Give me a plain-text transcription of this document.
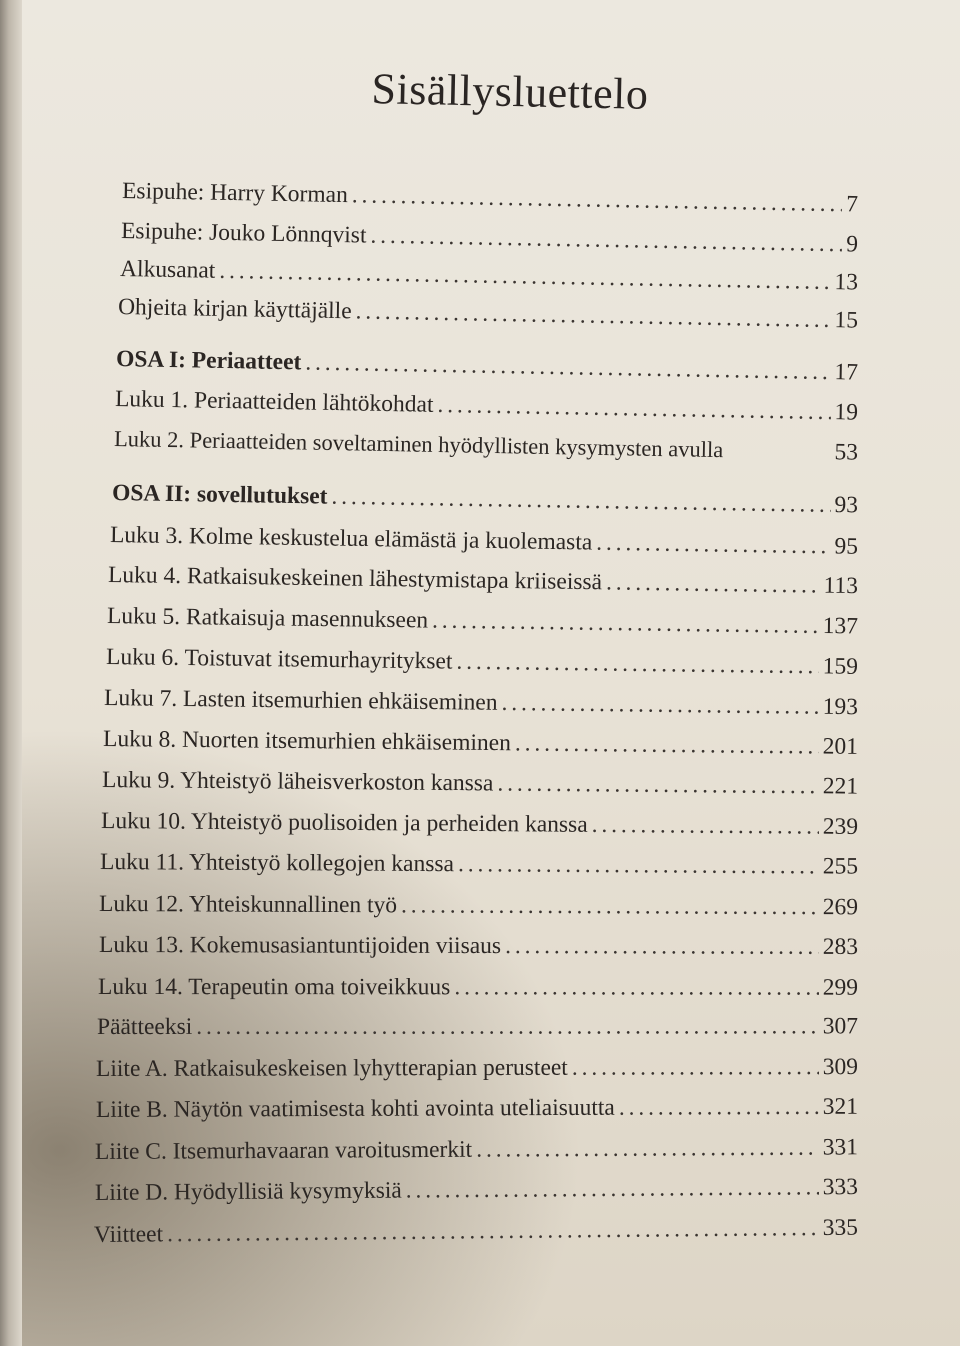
Sisällysluettelo
Esipuhe: Harry Korman . . .	7
Esipuhe: Jouko Lönnqvist . . .	9
Alkusanat . . .	13
Ohjeita kirjan käyttäjälle . . .	15
OSA I: Periaatteet . . .	17
Luku 1. Periaatteiden lähtökohdat . . .	19
Luku 2. Periaatteiden soveltaminen hyödyllisten kysymysten avulla	53
OSA II: sovellutukset . . .	93
Luku 3. Kolme keskustelua elämästä ja kuolemasta . . .	95
Luku 4. Ratkaisukeskeinen lähestymistapa kriiseissä . . .	113
Luku 5. Ratkaisuja masennukseen . . .	137
Luku 6. Toistuvat itsemurhayritykset . . .	159
Luku 7. Lasten itsemurhien ehkäiseminen . . .	193
Luku 8. Nuorten itsemurhien ehkäiseminen . . .	201
Luku 9. Yhteistyö läheisverkoston kanssa . . .	221
Luku 10. Yhteistyö puolisoiden ja perheiden kanssa . . .	239
Luku 11. Yhteistyö kollegojen kanssa . . .	255
Luku 12. Yhteiskunnallinen työ . . .	269
Luku 13. Kokemusasiantuntijoiden viisaus . . .	283
Luku 14. Terapeutin oma toiveikkuus . . .	299
Päätteeksi . . .	307
Liite A. Ratkaisukeskeisen lyhytterapian perusteet . . .	309
Liite B. Näytön vaatimisesta kohti avointa uteliaisuutta . . .	321
Liite C. Itsemurhavaaran varoitusmerkit . . .	331
Liite D. Hyödyllisiä kysymyksiä . . .	333
Viitteet . . .	335
